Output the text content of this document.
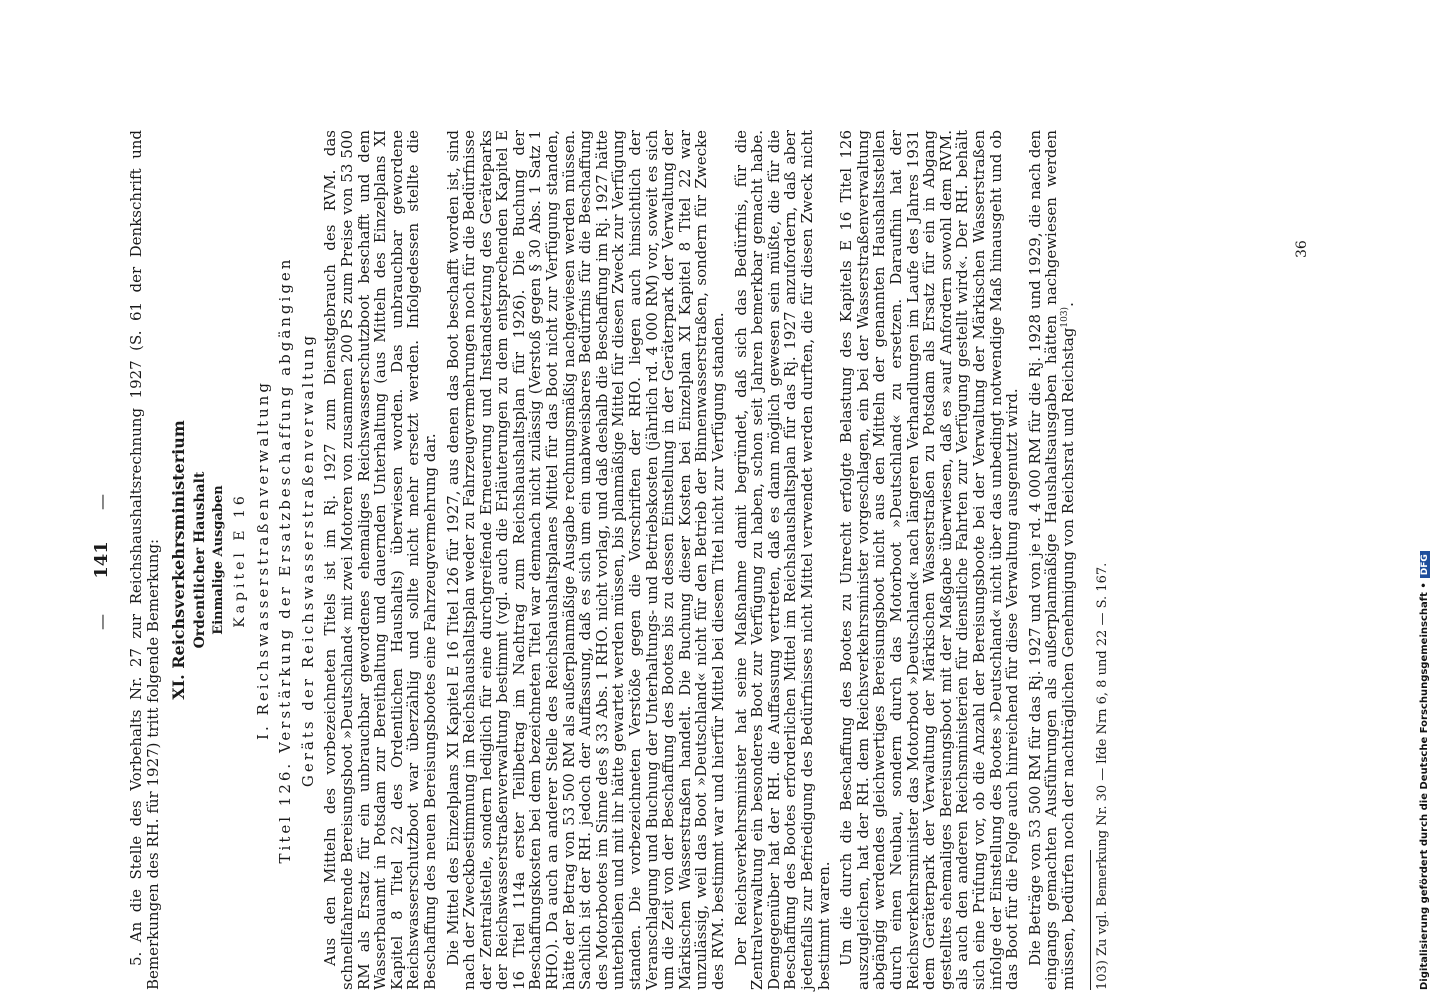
—
141
— 5. An die Stelle des Vorbehalts Nr. 27 zur Reichshaushaltsrechnung 1927 (S. 61 der Denkschrift und Bemerkungen des RH. für 1927) tritt folgende Bemerkung: XI. Reichsverkehrsministerium Ordentlicher Haushalt Einmalige Ausgaben Kapitel E 16 I. Reichswasserstraßenverwaltung Titel 126. Verstärkung der Ersatzbeschaffung abgängigen Geräts der Reichswasserstraßenverwaltung Aus den Mitteln des vorbezeichneten Titels ist im Rj. 1927 zum Dienstgebrauch des RVM. das schnellfahrende Bereisungsboot »Deutschland« mit zwei Motoren von zusammen 200 PS zum Preise von 53 500 RM als Ersatz für ein unbrauchbar gewordenes ehemaliges Reichswasserschutzboot beschafft und dem Wasserbauamt in Potsdam zur Bereithaltung und dauernden Unterhaltung (aus Mitteln des Einzelplans XI Kapitel 8 Titel 22 des Ordentlichen Haushalts) überwiesen worden. Das unbrauchbar gewordene Reichswasserschutzboot war überzählig und sollte nicht mehr ersetzt werden. Infolgedessen stellte die Beschaffung des neuen Bereisungsbootes eine Fahrzeugvermehrung dar. Die Mittel des Einzelplans XI Kapitel E 16 Titel 126 für 1927, aus denen das Boot beschafft worden ist, sind nach der Zweckbestimmung im Reichshaushaltsplan weder zu Fahrzeugvermehrungen noch für die Bedürfnisse der Zentralstelle, sondern lediglich für eine durchgreifende Erneuerung und Instandsetzung des Geräteparks der Reichswasserstraßenverwaltung bestimmt (vgl. auch die Erläuterungen zu dem entsprechenden Kapitel E 16 Titel 114a erster Teilbetrag im Nachtrag zum Reichshaushaltsplan für 1926). Die Buchung der Beschaffungskosten bei dem bezeichneten Titel war demnach nicht zulässig (Verstoß gegen § 30 Abs. 1 Satz 1 RHO.). Da auch an anderer Stelle des Reichshaushaltsplanes Mittel für das Boot nicht zur Verfügung standen, hätte der Betrag von 53 500 RM als außerplanmäßige Ausgabe rechnungsmäßig nachgewiesen werden müssen. Sachlich ist der RH. jedoch der Auffassung, daß es sich um ein unabweisbares Bedürfnis für die Beschaffung des Motorbootes im Sinne des § 33 Abs. 1 RHO. nicht vorlag, und daß deshalb die Beschaffung im Rj. 1927 hätte unterbleiben und mit ihr hätte gewartet werden müssen, bis planmäßige Mittel für diesen Zweck zur Verfügung standen. Die vorbezeichneten Verstöße gegen die Vorschriften der RHO. liegen auch hinsichtlich der Veranschlagung und Buchung der Unterhaltungs- und Betriebskosten (jährlich rd. 4 000 RM) vor, soweit es sich um die Zeit von der Beschaffung des Bootes bis zu dessen Einstellung in der Geräterpark der Verwaltung der Märkischen Wasserstraßen handelt. Die Buchung dieser Kosten bei Einzelplan XI Kapitel 8 Titel 22 war unzulässig, weil das Boot »Deutschland« nicht für den Betrieb der Binnenwasserstraßen, sondern für Zwecke des RVM. bestimmt war und hierfür Mittel bei diesem Titel nicht zur Verfügung standen. Der Reichsverkehrsminister hat seine Maßnahme damit begründet, daß sich das Bedürfnis, für die Zentralverwaltung ein besonderes Boot zur Verfügung zu haben, schon seit Jahren bemerkbar gemacht habe. Demgegenüber hat der RH. die Auffassung vertreten, daß es dann möglich gewesen sein müßte, die für die Beschaffung des Bootes erforderlichen Mittel im Reichshaushaltsplan für das Rj. 1927 anzufordern, daß aber jedenfalls zur Befriedigung des Bedürfnisses nicht Mittel verwendet werden durften, die für diesen Zweck nicht bestimmt waren. Um die durch die Beschaffung des Bootes zu Unrecht erfolgte Belastung des Kapitels E 16 Titel 126 auszugleichen, hat der RH. dem Reichsverkehrsminister vorgeschlagen, ein bei der Wasserstraßenverwaltung abgängig werdendes gleichwertiges Bereisungsboot nicht aus den Mitteln der genannten Haushaltsstellen durch einen Neubau, sondern durch das Motorboot »Deutschland« zu ersetzen. Daraufhin hat der Reichsverkehrsminister das Motorboot »Deutschland« nach längeren Verhandlungen im Laufe des Jahres 1931 dem Geräterpark der Verwaltung der Märkischen Wasserstraßen zu Potsdam als Ersatz für ein in Abgang gestelltes ehemaliges Bereisungsboot mit der Maßgabe überwiesen, daß es »auf Anfordern sowohl dem RVM. als auch den anderen Reichsministerien für dienstliche Fahrten zur Verfügung gestellt wird«. Der RH. behält sich eine Prüfung vor, ob die Anzahl der Bereisungsboote bei der Verwaltung der Märkischen Wasserstraßen infolge der Einstellung des Bootes »Deutschland« nicht über das unbedingt notwendige Maß hinausgeht und ob das Boot für die Folge auch hinreichend für diese Verwaltung ausgenutzt wird. Die Beträge von 53 500 RM für das Rj. 1927 und von je rd. 4 000 RM für die Rj. 1928 und 1929, die nach den eingangs gemachten Ausführungen als außerplanmäßige Haushaltsausgaben hätten nachgewiesen werden müssen, bedürfen noch der nachträglichen Genehmigung von Reichsrat und Reichstag$^{103)}$.

103) Zu vgl. Bemerkung Nr. 30 — lfde Nrn 6, 8 und 22 — S. 167.

36
Digitalisierung gefördert durch die Deutsche Forschungsgemeinschaft •DFG
